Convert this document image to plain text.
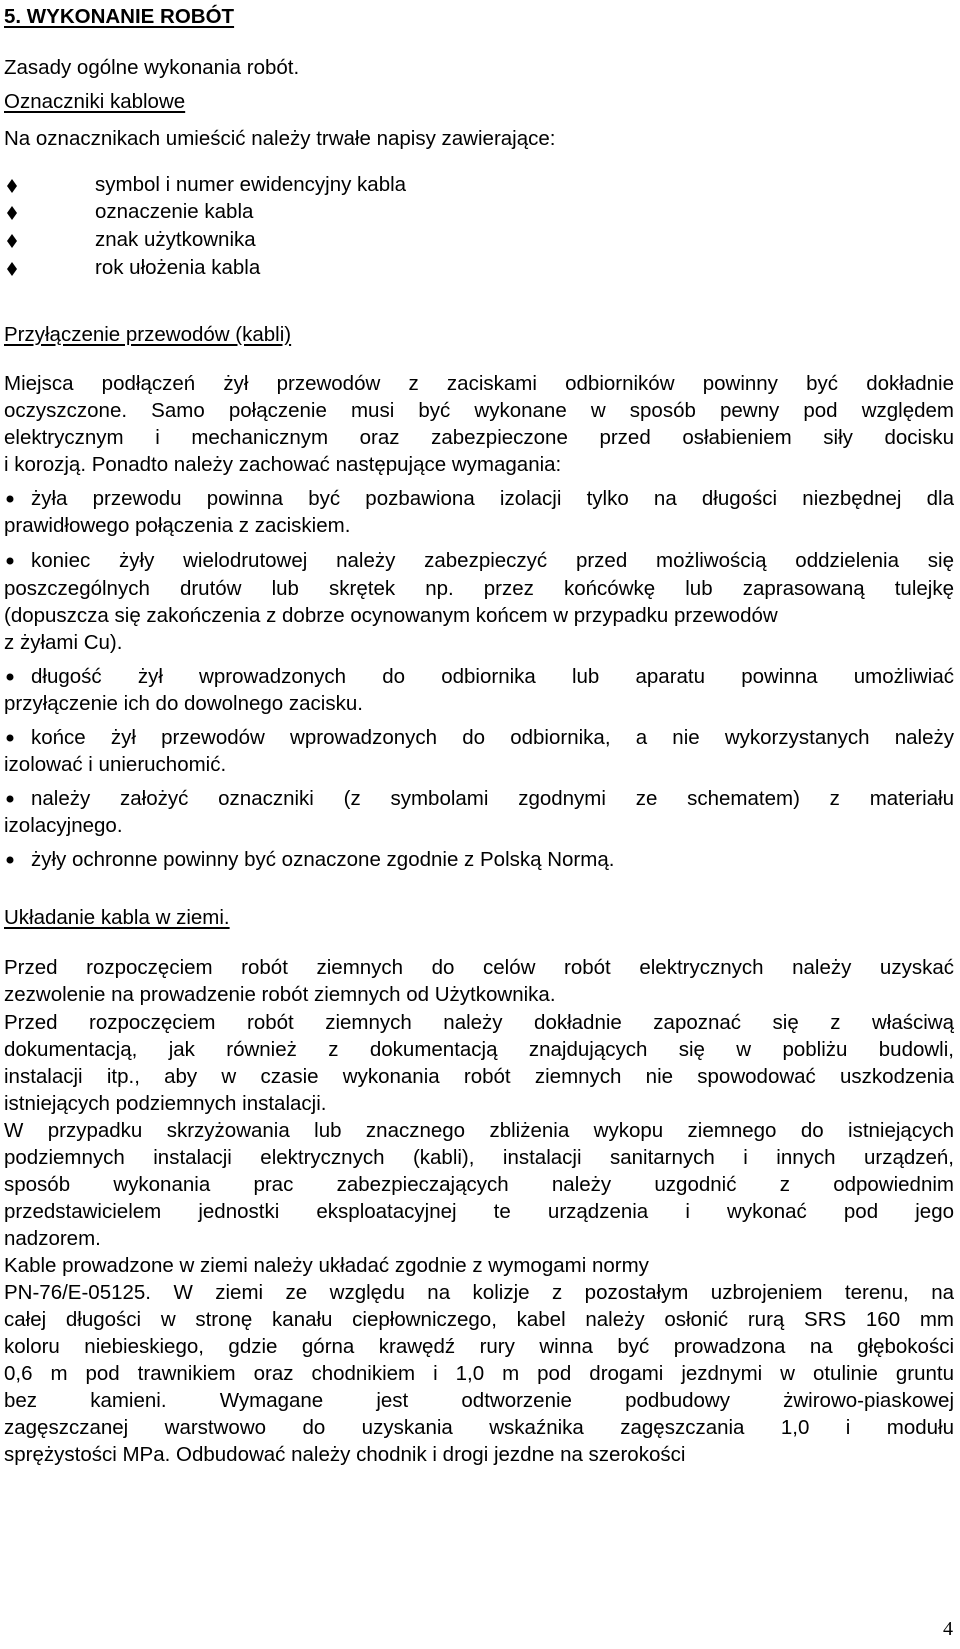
5. WYKONANIE ROBÓT
Zasady ogólne wykonania robót.
Oznaczniki kablowe
Na oznacznikach umieścić należy trwałe napisy zawierające:
symbol i numer ewidencyjny kabla
oznaczenie kabla
znak użytkownika
rok ułożenia kabla
Przyłączenie przewodów (kabli)
Miejsca podłączeń żył przewodów z zaciskami odbiorników powinny być dokładnie
oczyszczone. Samo połączenie musi być wykonane w sposób pewny pod względem
elektrycznym i mechanicznym oraz zabezpieczone przed osłabieniem siły docisku
i korozją. Ponadto należy zachować następujące wymagania:
żyła przewodu powinna być pozbawiona izolacji tylko na długości niezbędnej dla
prawidłowego połączenia z zaciskiem.
koniec żyły wielodrutowej należy zabezpieczyć przed możliwością oddzielenia się
poszczególnych drutów lub skrętek np. przez końcówkę lub zaprasowaną tulejkę
(dopuszcza się zakończenia z dobrze ocynowanym końcem w przypadku przewodów
z żyłami Cu).
długość żył wprowadzonych do odbiornika lub aparatu powinna umożliwiać
przyłączenie ich do dowolnego zacisku.
końce żył przewodów wprowadzonych do odbiornika, a nie wykorzystanych należy
izolować i unieruchomić.
należy założyć oznaczniki (z symbolami zgodnymi ze schematem) z materiału
izolacyjnego.
żyły ochronne powinny być oznaczone zgodnie z Polską Normą.
Układanie kabla w ziemi.
Przed rozpoczęciem robót ziemnych do celów robót elektrycznych należy uzyskać
zezwolenie na prowadzenie robót ziemnych od Użytkownika.
Przed rozpoczęciem robót ziemnych należy dokładnie zapoznać się z właściwą
dokumentacją, jak również z dokumentacją znajdujących się w pobliżu budowli,
instalacji itp., aby w czasie wykonania robót ziemnych nie spowodować uszkodzenia
istniejących podziemnych instalacji.
W przypadku skrzyżowania lub znacznego zbliżenia wykopu ziemnego do istniejących
podziemnych instalacji elektrycznych (kabli), instalacji sanitarnych i innych urządzeń,
sposób wykonania prac zabezpieczających należy uzgodnić z odpowiednim
przedstawicielem jednostki eksploatacyjnej te urządzenia i wykonać pod jego
nadzorem.
Kable prowadzone w ziemi należy układać zgodnie z wymogami normy
PN-76/E-05125. W ziemi ze względu na kolizje z pozostałym uzbrojeniem terenu, na
całej długości w stronę kanału ciepłowniczego, kabel należy osłonić rurą SRS 160 mm
koloru niebieskiego, gdzie górna krawędź rury winna być prowadzona na głębokości
0,6 m pod trawnikiem oraz chodnikiem i 1,0 m pod drogami jezdnymi w otulinie gruntu
bez kamieni. Wymagane jest odtworzenie podbudowy żwirowo-piaskowej
zagęszczanej warstwowo do uzyskania wskaźnika zagęszczania 1,0 i modułu
sprężystości MPa. Odbudować należy chodnik i drogi jezdne na szerokości
4
